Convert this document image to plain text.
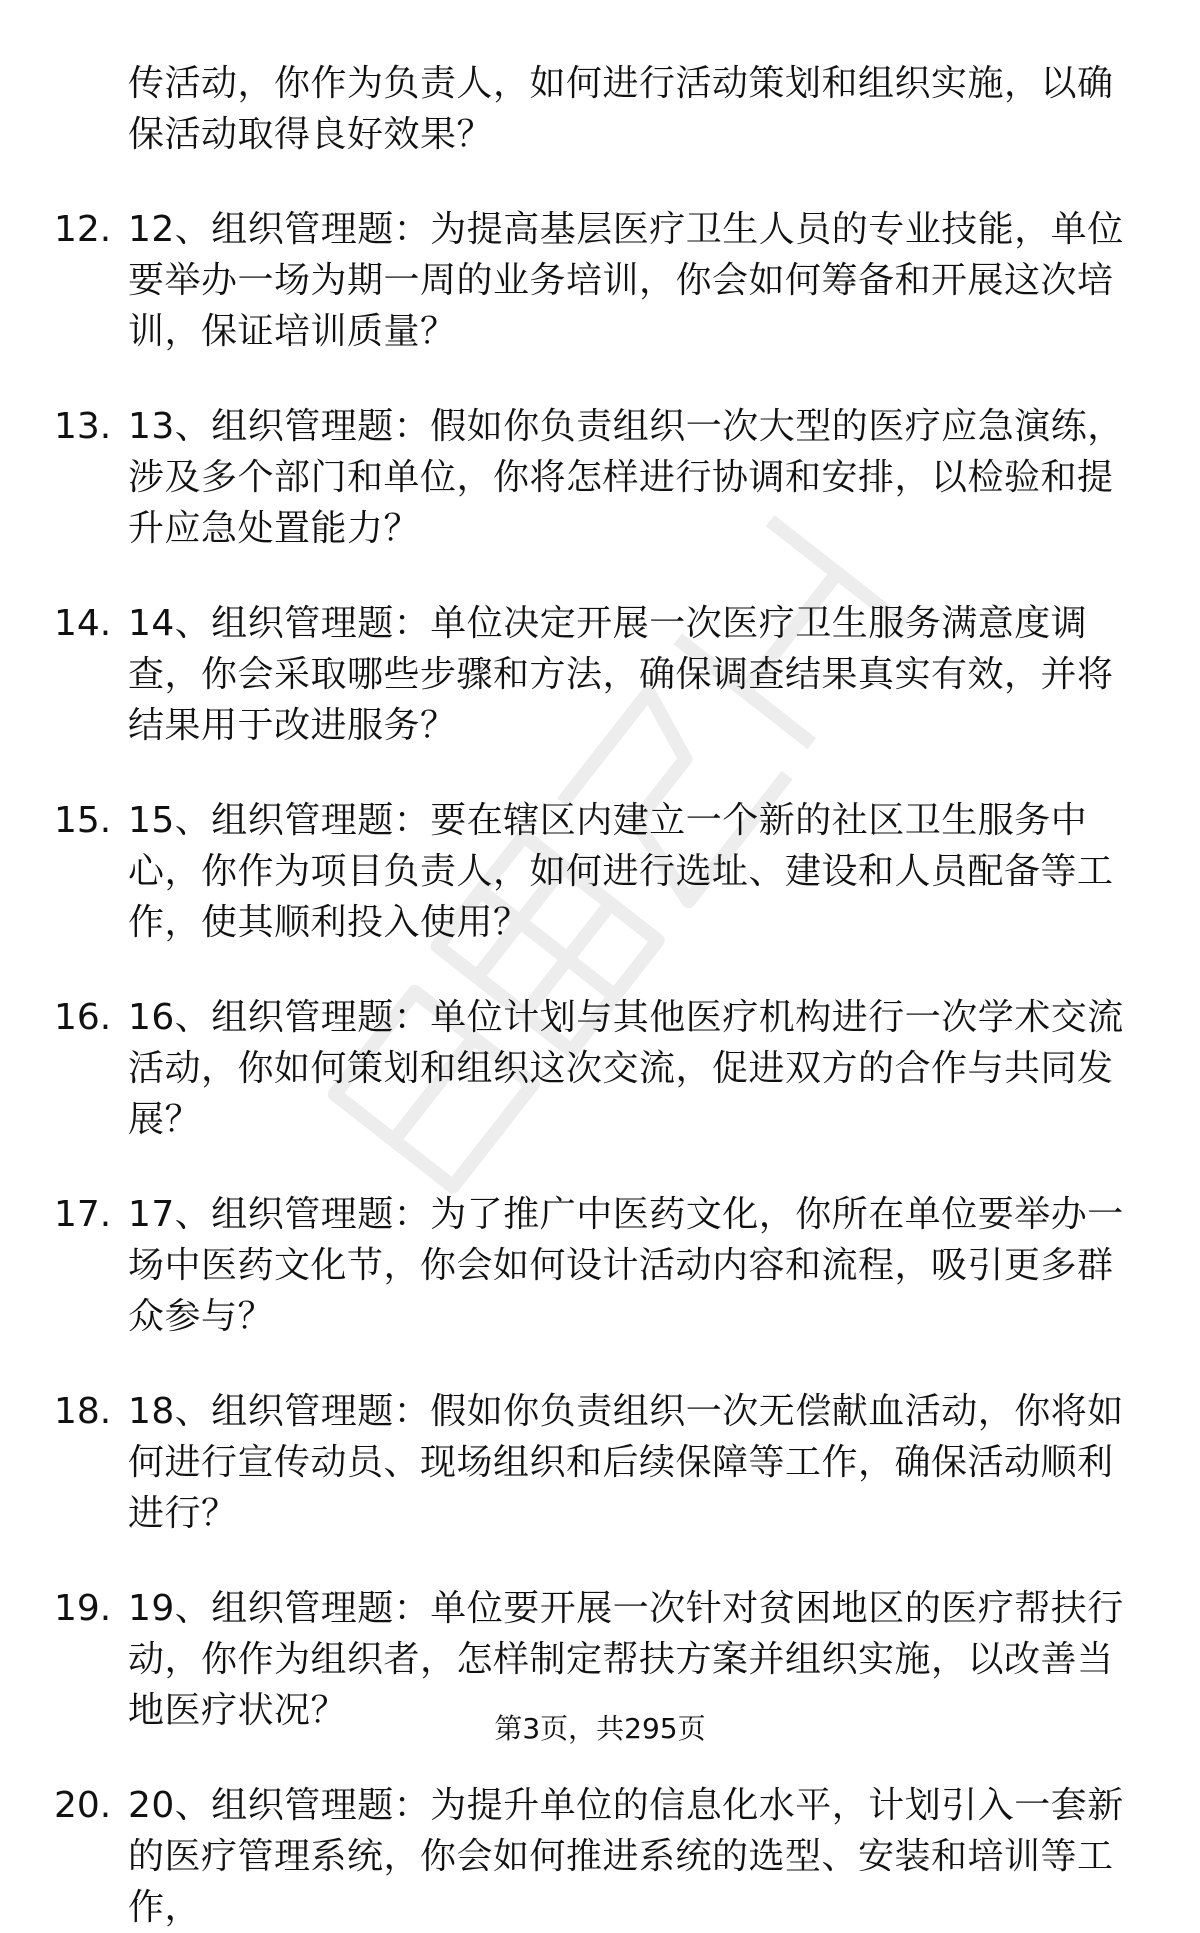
传活动，你作为负责人，如何进行活动策划和组织实施，以确保活动取得良好效果？
12. 12、组织管理题：为提高基层医疗卫生人员的专业技能，单位要举办一场为期一周的业务培训，你会如何筹备和开展这次培训，保证培训质量？
13. 13、组织管理题：假如你负责组织一次大型的医疗应急演练，涉及多个部门和单位，你将怎样进行协调和安排，以检验和提升应急处置能力？
14. 14、组织管理题：单位决定开展一次医疗卫生服务满意度调查，你会采取哪些步骤和方法，确保调查结果真实有效，并将结果用于改进服务？
15. 15、组织管理题：要在辖区内建立一个新的社区卫生服务中心，你作为项目负责人，如何进行选址、建设和人员配备等工作，使其顺利投入使用？
16. 16、组织管理题：单位计划与其他医疗机构进行一次学术交流活动，你如何策划和组织这次交流，促进双方的合作与共同发展？
17. 17、组织管理题：为了推广中医药文化，你所在单位要举办一场中医药文化节，你会如何设计活动内容和流程，吸引更多群众参与？
18. 18、组织管理题：假如你负责组织一次无偿献血活动，你将如何进行宣传动员、现场组织和后续保障等工作，确保活动顺利进行？
19. 19、组织管理题：单位要开展一次针对贫困地区的医疗帮扶行动，你作为组织者，怎样制定帮扶方案并组织实施，以改善当地医疗状况？
20. 20、组织管理题：为提升单位的信息化水平，计划引入一套新的医疗管理系统，你会如何推进系统的选型、安装和培训等工作，
第3页，共295页
